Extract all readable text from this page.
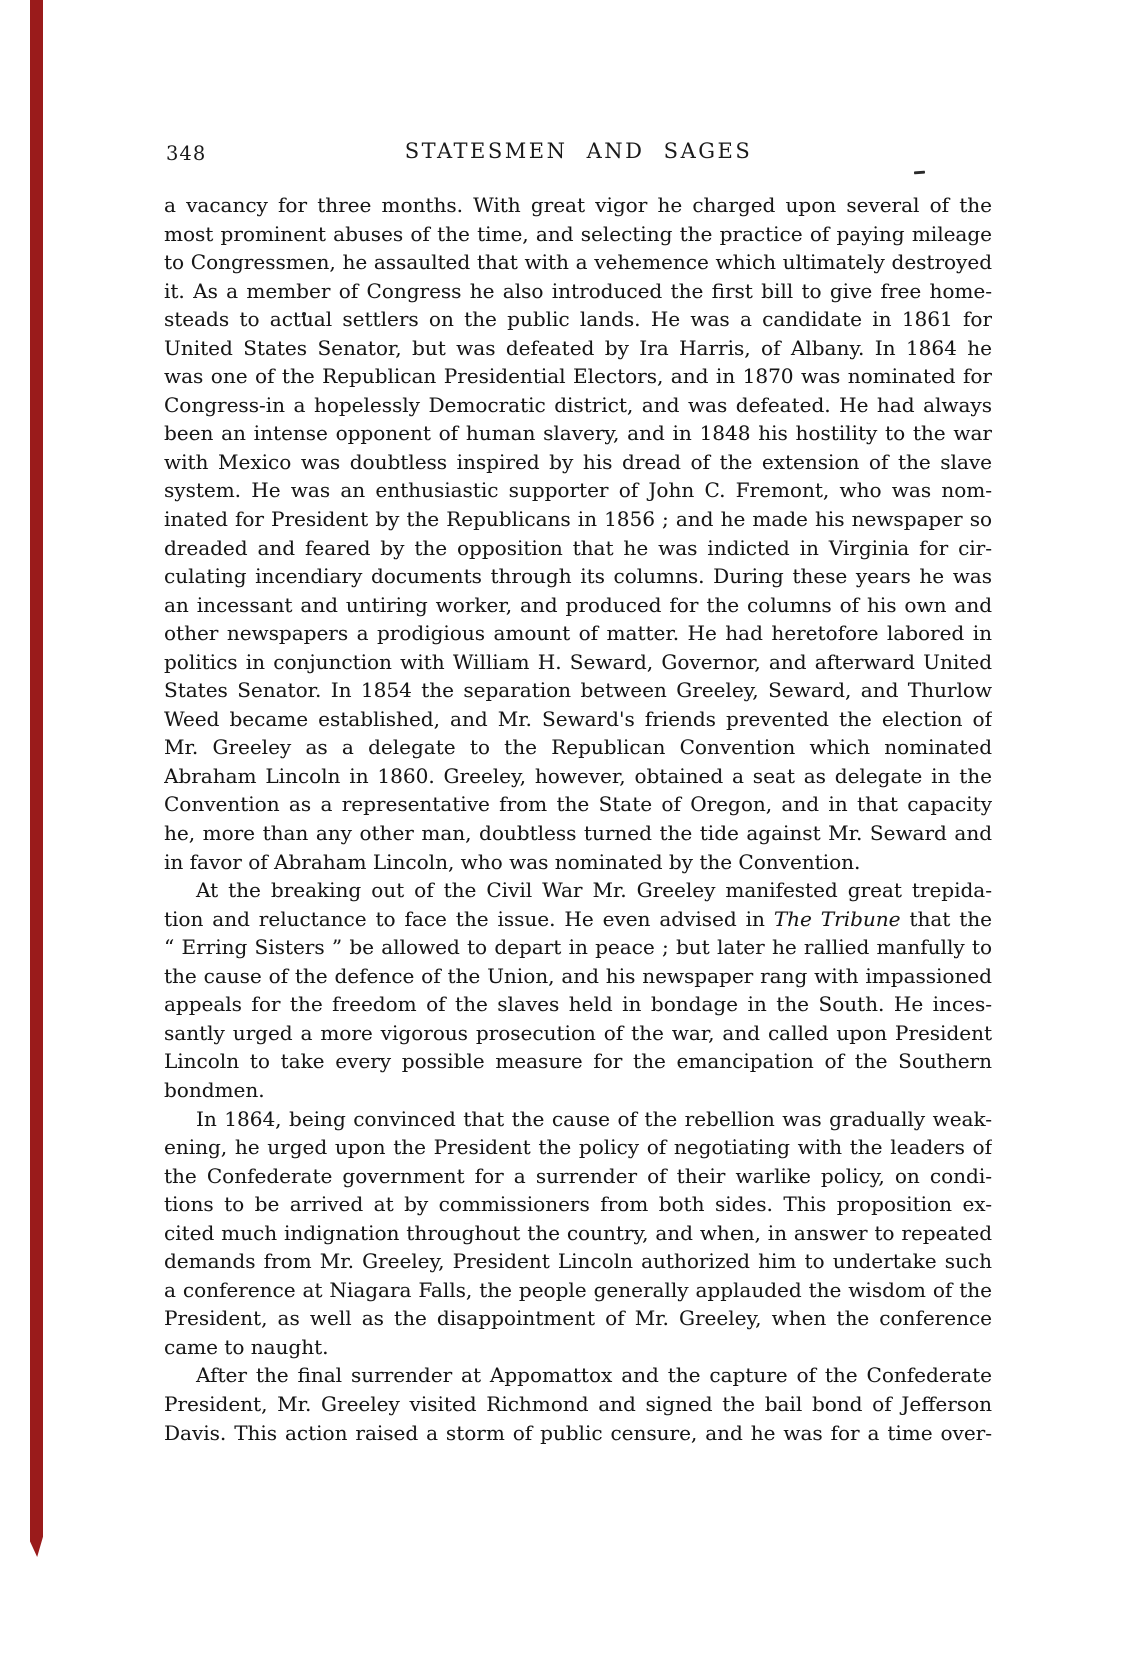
348	STATESMEN AND SAGES
a vacancy for three months. With great vigor he charged upon several of the
most prominent abuses of the time, and selecting the practice of paying mileage
to Congressmen, he assaulted that with a vehemence which ultimately destroyed
it. As a member of Congress he also introduced the first bill to give free home-
steads to actual settlers on the public lands. He was a candidate in 1861 for
United States Senator, but was defeated by Ira Harris, of Albany. In 1864 he
was one of the Republican Presidential Electors, and in 1870 was nominated for
Congress-in a hopelessly Democratic district, and was defeated. He had always
been an intense opponent of human slavery, and in 1848 his hostility to the war
with Mexico was doubtless inspired by his dread of the extension of the slave
system. He was an enthusiastic supporter of John C. Fremont, who was nom-
inated for President by the Republicans in 1856 ; and he made his newspaper so
dreaded and feared by the opposition that he was indicted in Virginia for cir-
culating incendiary documents through its columns. During these years he was
an incessant and untiring worker, and produced for the columns of his own and
other newspapers a prodigious amount of matter. He had heretofore labored in
politics in conjunction with William H. Seward, Governor, and afterward United
States Senator. In 1854 the separation between Greeley, Seward, and Thurlow
Weed became established, and Mr. Seward's friends prevented the election of
Mr. Greeley as a delegate to the Republican Convention which nominated
Abraham Lincoln in 1860. Greeley, however, obtained a seat as delegate in the
Convention as a representative from the State of Oregon, and in that capacity
he, more than any other man, doubtless turned the tide against Mr. Seward and
in favor of Abraham Lincoln, who was nominated by the Convention.
At the breaking out of the Civil War Mr. Greeley manifested great trepida-
tion and reluctance to face the issue. He even advised in The Tribune that the
“ Erring Sisters ” be allowed to depart in peace ; but later he rallied manfully to
the cause of the defence of the Union, and his newspaper rang with impassioned
appeals for the freedom of the slaves held in bondage in the South. He inces-
santly urged a more vigorous prosecution of the war, and called upon President
Lincoln to take every possible measure for the emancipation of the Southern
bondmen.
In 1864, being convinced that the cause of the rebellion was gradually weak-
ening, he urged upon the President the policy of negotiating with the leaders of
the Confederate government for a surrender of their warlike policy, on condi-
tions to be arrived at by commissioners from both sides. This proposition ex-
cited much indignation throughout the country, and when, in answer to repeated
demands from Mr. Greeley, President Lincoln authorized him to undertake such
a conference at Niagara Falls, the people generally applauded the wisdom of the
President, as well as the disappointment of Mr. Greeley, when the conference
came to naught.
After the final surrender at Appomattox and the capture of the Confederate
President, Mr. Greeley visited Richmond and signed the bail bond of Jefferson
Davis. This action raised a storm of public censure, and he was for a time over-
